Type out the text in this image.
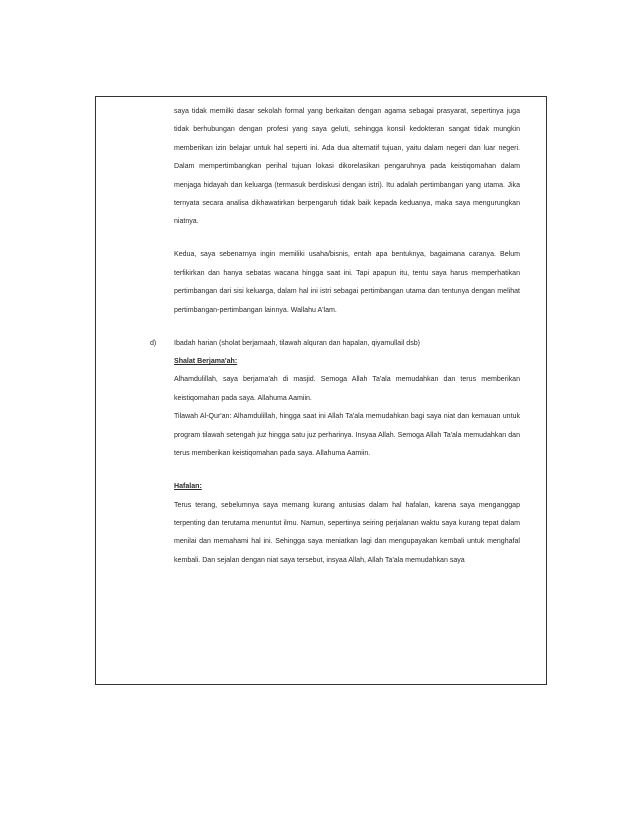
saya tidak memilki dasar sekolah formal yang berkaitan dengan agama sebagai prasyarat, sepertinya juga tidak berhubungan dengan profesi yang saya geluti, sehingga konsil kedokteran sangat tidak mungkin memberikan izin belajar untuk hal seperti ini. Ada dua alternatif tujuan, yaitu dalam negeri dan luar negeri. Dalam mempertimbangkan perihal tujuan lokasi dikorelasikan pengaruhnya pada keistiqomahan dalam menjaga hidayah dan keluarga (termasuk berdiskusi dengan istri). Itu adalah pertimbangan yang utama. Jika ternyata secara analisa dikhawatirkan berpengaruh tidak baik kepada keduanya, maka saya mengurungkan niatnya.

Kedua, saya sebenarnya ingin memiliki usaha/bisnis, entah apa bentuknya, bagaimana caranya. Belum terfikirkan dan hanya sebatas wacana hingga saat ini. Tapi apapun itu, tentu saya harus memperhatikan pertimbangan dari sisi keluarga, dalam hal ini istri sebagai pertimbangan utama dan tentunya dengan melihat pertimbangan-pertimbangan lainnya. Wallahu A'lam.

d)	Ibadah harian (sholat berjamaah, tilawah alquran dan hapalan, qiyamullail dsb)

Shalat Berjama'ah:

Alhamdulillah, saya berjama'ah di masjid. Semoga Allah Ta'ala memudahkan dan terus memberikan keistiqomahan pada saya. Allahuma Aamiin.

Tilawah Al-Qur'an: Alhamdulillah, hingga saat ini Allah Ta'ala memudahkan bagi saya niat dan kemauan untuk program tilawah setengah juz hingga satu juz perharinya. Insyaa Allah. Semoga Allah Ta'ala memudahkan dan terus memberikan keistiqomahan pada saya. Allahuma Aamiin.

Hafalan:

Terus terang, sebelumnya saya memang kurang antusias dalam hal hafalan, karena saya menganggap terpenting dan terutama menuntut ilmu. Namun, sepertinya seiring perjalanan waktu saya kurang tepat dalam menilai dan memahami hal ini. Sehingga saya meniatkan lagi dan mengupayakan kembali untuk menghafal kembali. Dan sejalan dengan niat saya tersebut, insyaa Allah, Allah Ta'ala memudahkan saya
